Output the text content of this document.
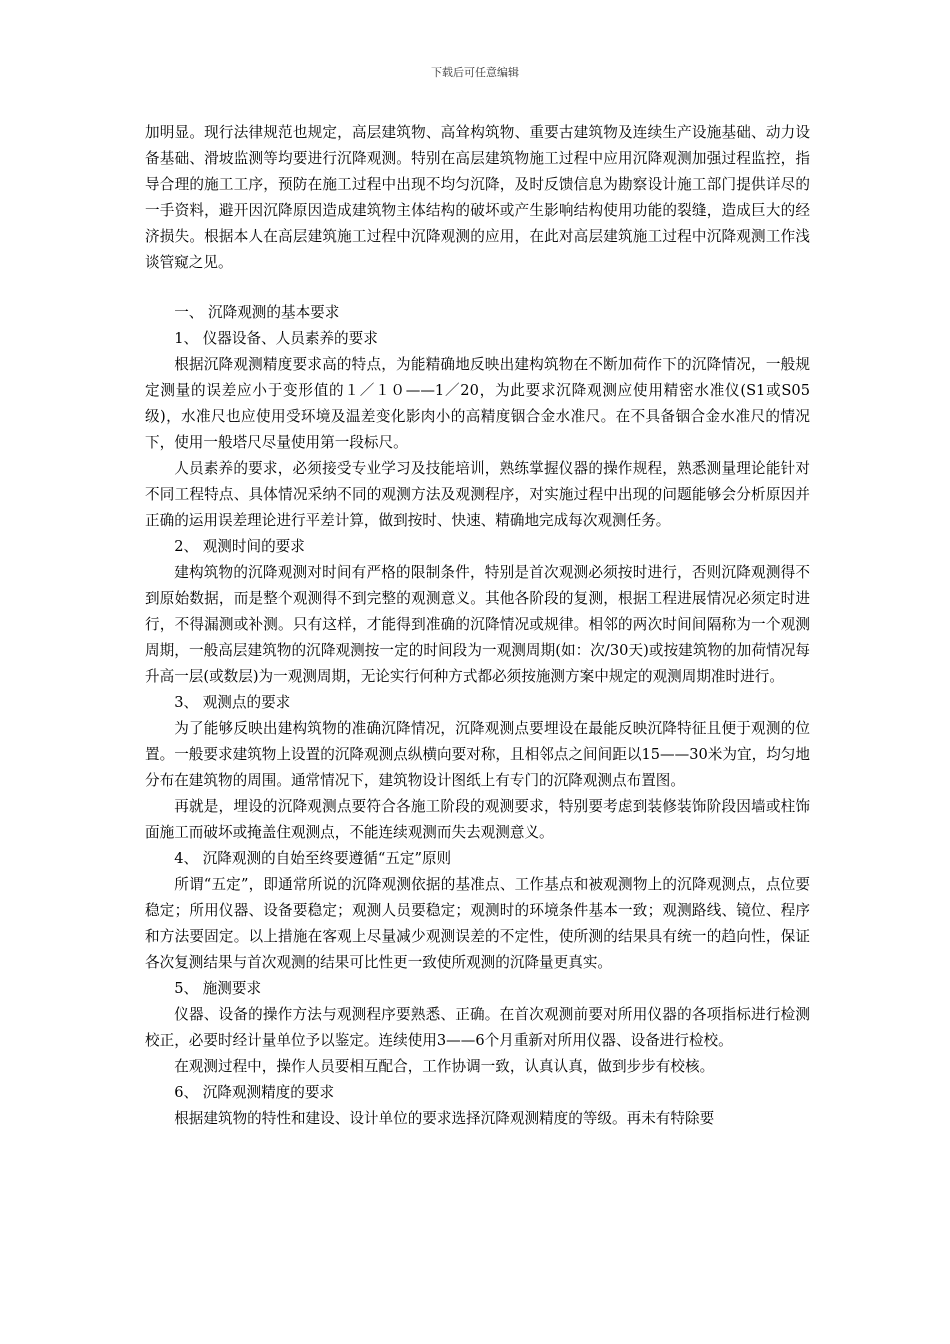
下载后可任意编辑

加明显。现行法律规范也规定，高层建筑物、高耸构筑物、重要古建筑物及连续生产设施基础、动力设备基础、滑坡监测等均要进行沉降观测。特别在高层建筑物施工过程中应用沉降观测加强过程监控，指导合理的施工工序，预防在施工过程中出现不均匀沉降，及时反馈信息为勘察设计施工部门提供详尽的一手资料，避开因沉降原因造成建筑物主体结构的破坏或产生影响结构使用功能的裂缝，造成巨大的经济损失。根据本人在高层建筑施工过程中沉降观测的应用，在此对高层建筑施工过程中沉降观测工作浅谈管窥之见。

一、 沉降观测的基本要求

1、 仪器设备、人员素养的要求

根据沉降观测精度要求高的特点，为能精确地反映出建构筑物在不断加荷作下的沉降情况，一般规定测量的误差应小于变形值的１／１０——1／20，为此要求沉降观测应使用精密水准仪(S1或S05级)，水准尺也应使用受环境及温差变化影肉小的高精度铟合金水准尺。在不具备铟合金水准尺的情况下，使用一般塔尺尽量使用第一段标尺。

人员素养的要求，必须接受专业学习及技能培训，熟练掌握仪器的操作规程，熟悉测量理论能针对不同工程特点、具体情况采纳不同的观测方法及观测程序，对实施过程中出现的问题能够会分析原因并正确的运用误差理论进行平差计算，做到按时、快速、精确地完成每次观测任务。

2、 观测时间的要求

建构筑物的沉降观测对时间有严格的限制条件，特别是首次观测必须按时进行，否则沉降观测得不到原始数据，而是整个观测得不到完整的观测意义。其他各阶段的复测，根据工程进展情况必须定时进行，不得漏测或补测。只有这样，才能得到准确的沉降情况或规律。相邻的两次时间间隔称为一个观测周期，一般高层建筑物的沉降观测按一定的时间段为一观测周期(如：次/30天)或按建筑物的加荷情况每升高一层(或数层)为一观测周期，无论实行何种方式都必须按施测方案中规定的观测周期准时进行。

3、 观测点的要求

为了能够反映出建构筑物的准确沉降情况，沉降观测点要埋设在最能反映沉降特征且便于观测的位置。一般要求建筑物上设置的沉降观测点纵横向要对称，且相邻点之间间距以15——30米为宜，均匀地分布在建筑物的周围。通常情况下，建筑物设计图纸上有专门的沉降观测点布置图。

再就是，埋设的沉降观测点要符合各施工阶段的观测要求，特别要考虑到装修装饰阶段因墙或柱饰面施工而破坏或掩盖住观测点，不能连续观测而失去观测意义。

4、 沉降观测的自始至终要遵循“五定”原则

所谓“五定”，即通常所说的沉降观测依据的基准点、工作基点和被观测物上的沉降观测点，点位要稳定；所用仪器、设备要稳定；观测人员要稳定；观测时的环境条件基本一致；观测路线、镜位、程序和方法要固定。以上措施在客观上尽量减少观测误差的不定性，使所测的结果具有统一的趋向性，保证各次复测结果与首次观测的结果可比性更一致使所观测的沉降量更真实。

5、 施测要求

仪器、设备的操作方法与观测程序要熟悉、正确。在首次观测前要对所用仪器的各项指标进行检测校正，必要时经计量单位予以鉴定。连续使用3——6个月重新对所用仪器、设备进行检校。

在观测过程中，操作人员要相互配合，工作协调一致，认真认真，做到步步有校核。

6、 沉降观测精度的要求

根据建筑物的特性和建设、设计单位的要求选择沉降观测精度的等级。再未有特除要
